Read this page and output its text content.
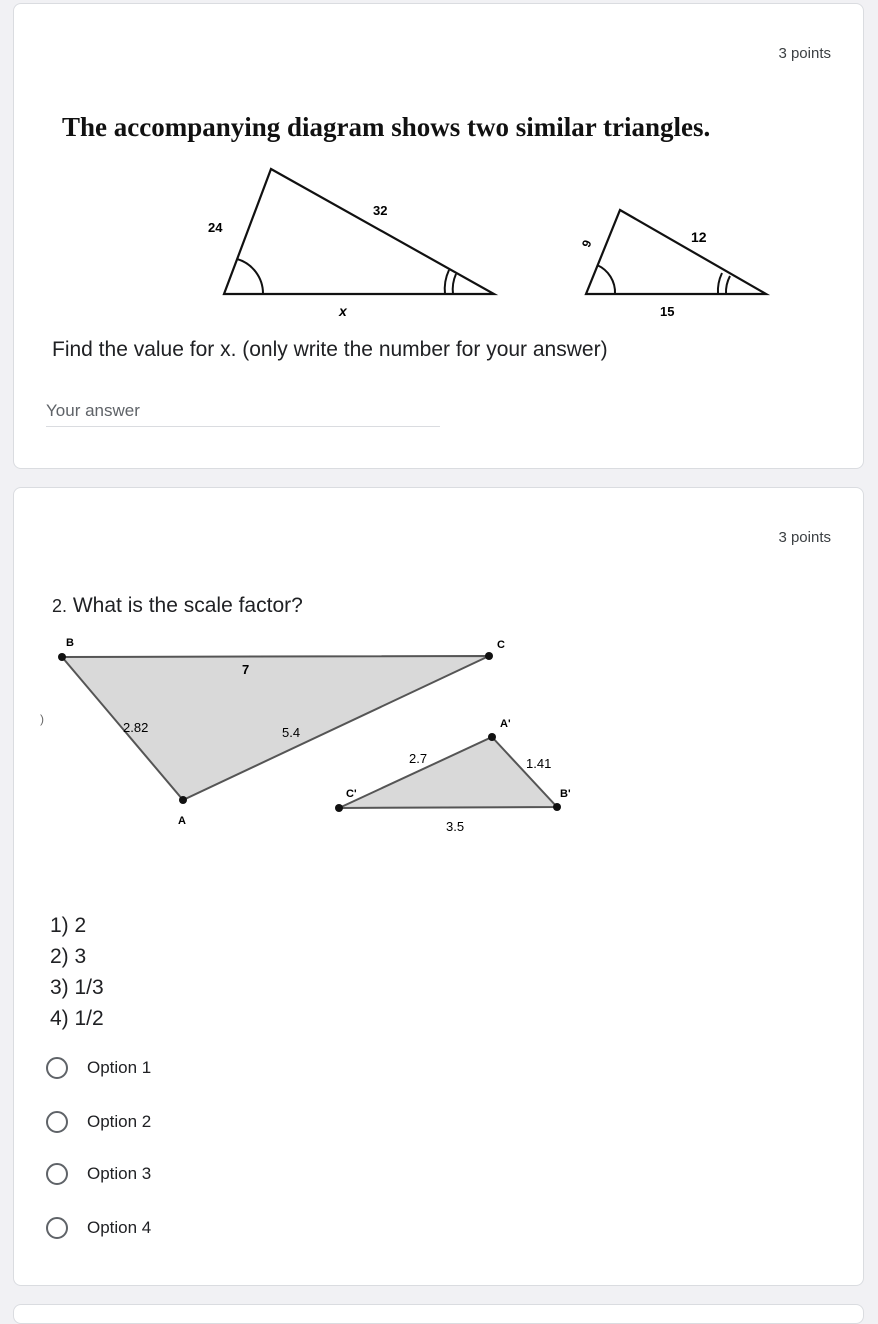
3 points
The accompanying diagram shows two similar triangles.
24
32
x
9	12
15
Find the value for x. (only write the number for your answer)
Your answer
3 points
2. What is the scale factor?
B	C
A
7
2.82	5.4
)	A'
B'
C'
2.7	1.41
3.5
1) 2
2) 3
3) 1/3
4) 1/2
Option 1
Option 2
Option 3
Option 4
